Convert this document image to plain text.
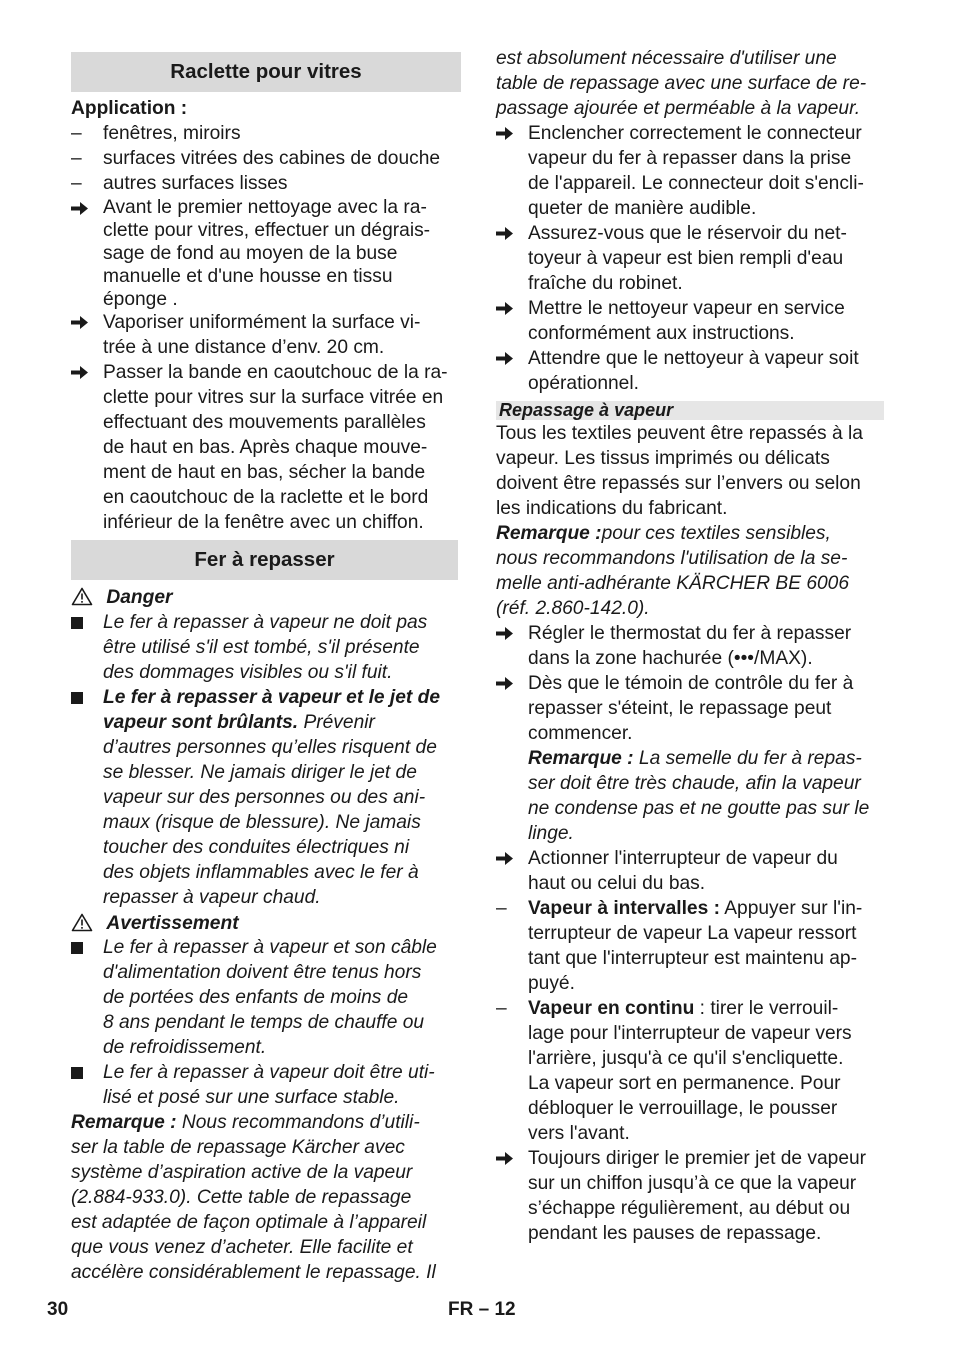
Raclette pour vitres
Application :
– fenêtres, miroirs
– surfaces vitrées des cabines de douche
– autres surfaces lisses
Avant le premier nettoyage avec la ra-
clette pour vitres, effectuer un dégrais-
sage de fond au moyen de la buse
manuelle et d'une housse en tissu
éponge .
Vaporiser uniformément la surface vi-
trée à une distance d’env. 20 cm.
Passer la bande en caoutchouc de la ra-
clette pour vitres sur la surface vitrée en
effectuant des mouvements parallèles
de haut en bas. Après chaque mouve-
ment de haut en bas, sécher la bande
en caoutchouc de la raclette et le bord
inférieur de la fenêtre avec un chiffon.
Fer à repasser
Danger
Le fer à repasser à vapeur ne doit pas
être utilisé s'il est tombé, s'il présente
des dommages visibles ou s'il fuit.
Le fer à repasser à vapeur et le jet de
vapeur sont brûlants. Prévenir
d’autres personnes qu’elles risquent de
se blesser. Ne jamais diriger le jet de
vapeur sur des personnes ou des ani-
maux (risque de blessure). Ne jamais
toucher des conduites électriques ni
des objets inflammables avec le fer à
repasser à vapeur chaud.
Avertissement
Le fer à repasser à vapeur et son câble
d'alimentation doivent être tenus hors
de portées des enfants de moins de
8 ans pendant le temps de chauffe ou
de refroidissement.
Le fer à repasser à vapeur doit être uti-
lisé et posé sur une surface stable.
Remarque : Nous recommandons d’utili-
ser la table de repassage Kärcher avec
système d’aspiration active de la vapeur
(2.884-933.0). Cette table de repassage
est adaptée de façon optimale à l’appareil
que vous venez d’acheter. Elle facilite et
accélère considérablement le repassage. Il
est absolument nécessaire d'utiliser une
table de repassage avec une surface de re-
passage ajourée et perméable à la vapeur.
Enclencher correctement le connecteur
vapeur du fer à repasser dans la prise
de l'appareil. Le connecteur doit s'encli-
queter de manière audible.
Assurez-vous que le réservoir du net-
toyeur à vapeur est bien rempli d'eau
fraîche du robinet.
Mettre le nettoyeur vapeur en service
conformément aux instructions.
Attendre que le nettoyeur à vapeur soit
opérationnel.
Repassage à vapeur
Tous les textiles peuvent être repassés à la
vapeur. Les tissus imprimés ou délicats
doivent être repassés sur l’envers ou selon
les indications du fabricant.
Remarque :pour ces textiles sensibles,
nous recommandons l'utilisation de la se-
melle anti-adhérante KÄRCHER BE 6006
(réf. 2.860-142.0).
Régler le thermostat du fer à repasser
dans la zone hachurée (•••/MAX).
Dès que le témoin de contrôle du fer à
repasser s'éteint, le repassage peut
commencer.
Remarque : La semelle du fer à repas-
ser doit être très chaude, afin la vapeur
ne condense pas et ne goutte pas sur le
linge.
Actionner l'interrupteur de vapeur du
haut ou celui du bas.
– Vapeur à intervalles : Appuyer sur l'in-
terrupteur de vapeur La vapeur ressort
tant que l'interrupteur est maintenu ap-
puyé.
– Vapeur en continu : tirer le verrouil-
lage pour l'interrupteur de vapeur vers
l'arrière, jusqu'à ce qu'il s'encliquette.
La vapeur sort en permanence. Pour
débloquer le verrouillage, le pousser
vers l'avant.
Toujours diriger le premier jet de vapeur
sur un chiffon jusqu’à ce que la vapeur
s’échappe régulièrement, au début ou
pendant les pauses de repassage.
30	FR – 12
